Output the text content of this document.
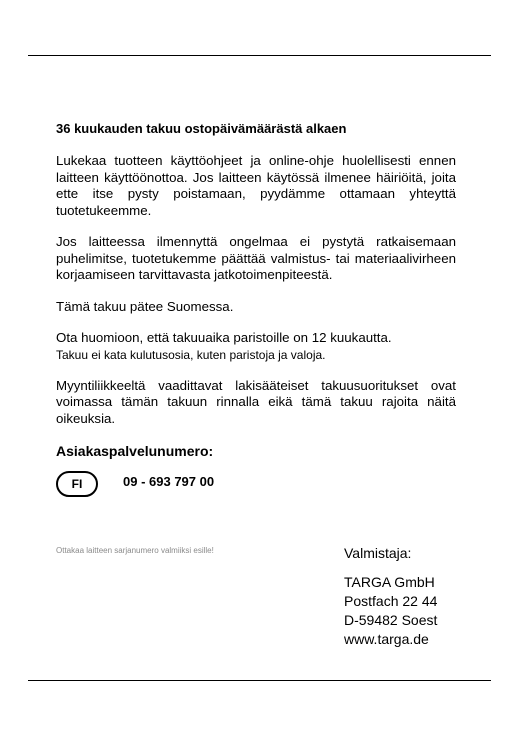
36 kuukauden takuu ostopäivämäärästä alkaen
Lukekaa tuotteen käyttöohjeet ja online-ohje huolellisesti ennen laitteen käyttöönottoa. Jos laitteen käytössä ilmenee häiriöitä, joita ette itse pysty poistamaan, pyydämme ottamaan yhteyttä tuotetukeemme.
Jos laitteessa ilmennyttä ongelmaa ei pystytä ratkaisemaan puhelimitse, tuotetukemme päättää valmistus- tai materiaalivirheen korjaamiseen tarvittavasta jatkotoimenpiteestä.
Tämä takuu pätee Suomessa.
Ota huomioon, että takuuaika paristoille on 12 kuukautta.
Takuu ei kata kulutusosia, kuten paristoja ja valoja.
Myyntiliikkeeltä vaadittavat lakisääteiset takuusuoritukset ovat voimassa tämän takuun rinnalla eikä tämä takuu rajoita näitä oikeuksia.
Asiakaspalvelunumero:
FI	09 - 693 797 00
Ottakaa laitteen sarjanumero valmiiksi esille!	Valmistaja:
TARGA GmbH
Postfach 22 44
D-59482 Soest
www.targa.de
